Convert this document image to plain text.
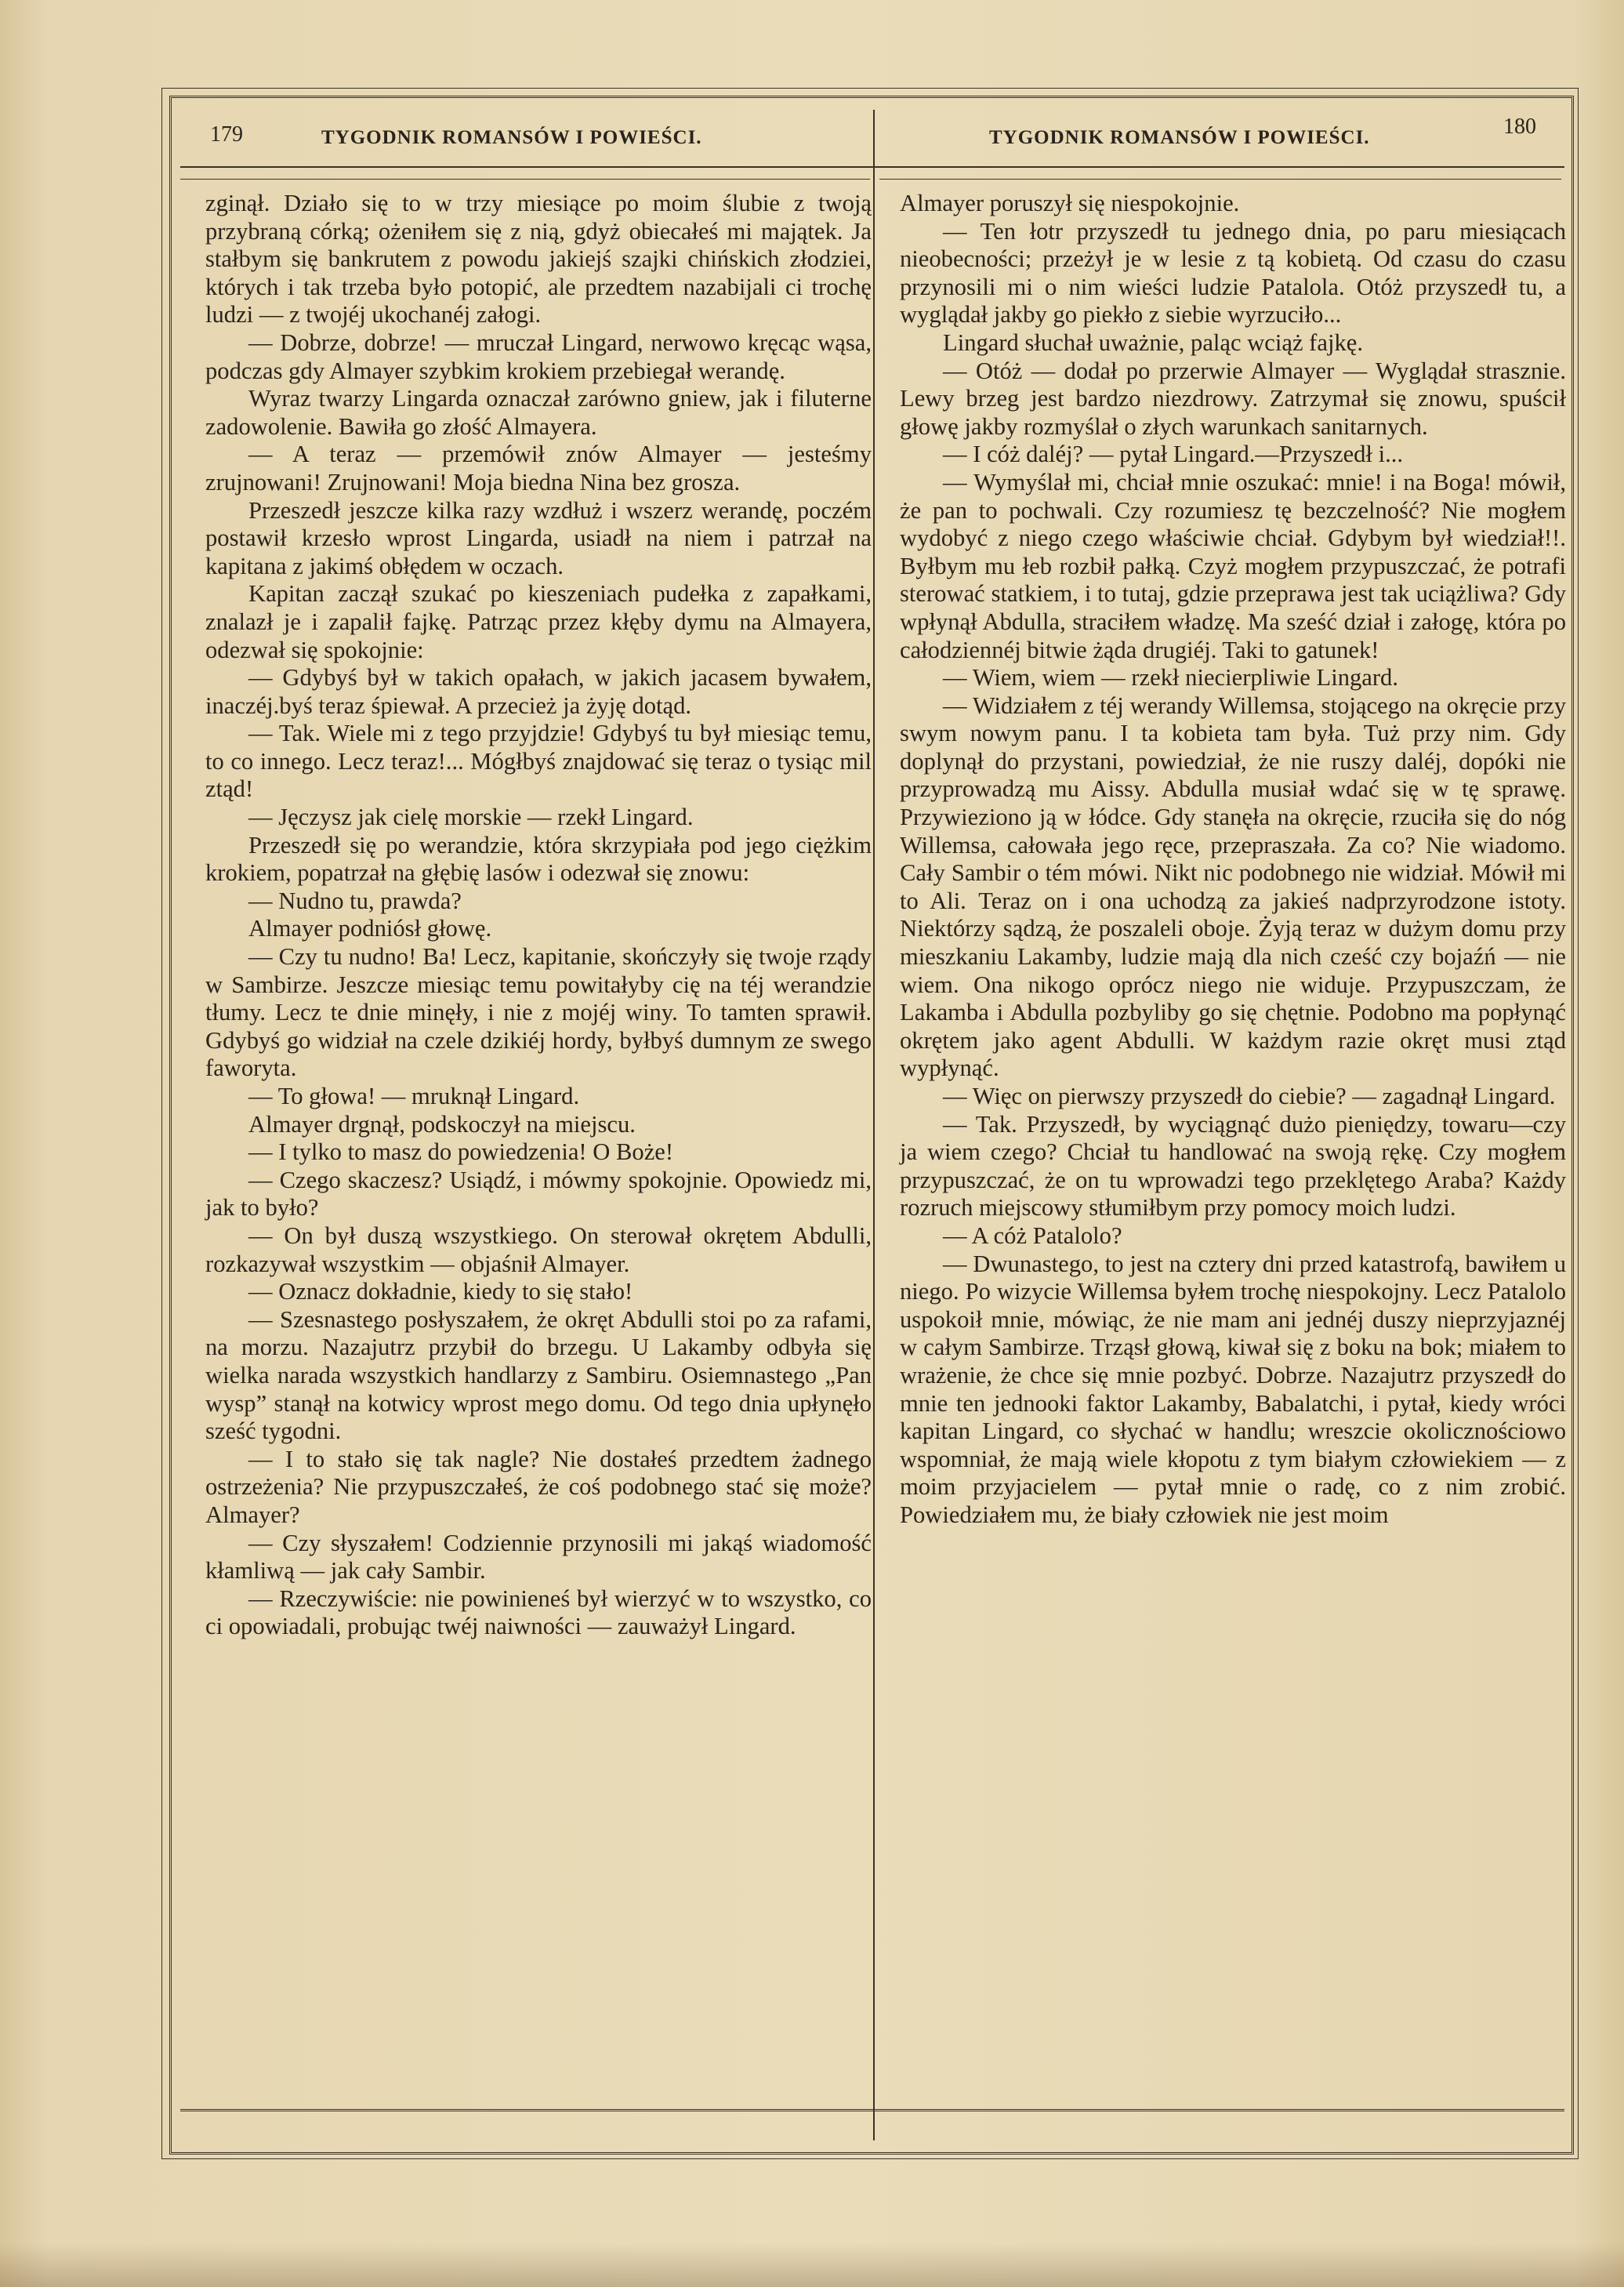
179	TYGODNIK ROMANSÓW I POWIEŚCI.	TYGODNIK ROMANSÓW I POWIEŚCI.	180

zginął. Działo się to w trzy miesiące po moim ślubie z twoją przybraną córką; ożeniłem się z nią, gdyż obiecałeś mi majątek. Ja stałbym się bankrutem z powodu jakiejś szajki chińskich złodziei, których i tak trzeba było potopić, ale przedtem nazabijali ci trochę ludzi — z twojéj ukochanéj załogi.

— Dobrze, dobrze! — mruczał Lingard, nerwowo kręcąc wąsa, podczas gdy Almayer szybkim krokiem przebiegał werandę.

Wyraz twarzy Lingarda oznaczał zarówno gniew, jak i filuterne zadowolenie. Bawiła go złość Almayera.

— A teraz — przemówił znów Almayer — jesteśmy zrujnowani! Zrujnowani! Moja biedna Nina bez grosza.

Przeszedł jeszcze kilka razy wzdłuż i wszerz werandę, poczém postawił krzesło wprost Lingarda, usiadł na niem i patrzał na kapitana z jakimś obłędem w oczach.

Kapitan zaczął szukać po kieszeniach pudełka z zapałkami, znalazł je i zapalił fajkę. Patrząc przez kłęby dymu na Almayera, odezwał się spokojnie:

— Gdybyś był w takich opałach, w jakich jacasem bywałem, inaczéj.byś teraz śpiewał. A przecież ja żyję dotąd.

— Tak. Wiele mi z tego przyjdzie! Gdybyś tu był miesiąc temu, to co innego. Lecz teraz!... Mógłbyś znajdować się teraz o tysiąc mil ztąd!

— Jęczysz jak cielę morskie — rzekł Lingard.

Przeszedł się po werandzie, która skrzypiała pod jego ciężkim krokiem, popatrzał na głębię lasów i odezwał się znowu:

— Nudno tu, prawda?

Almayer podniósł głowę.

— Czy tu nudno! Ba! Lecz, kapitanie, skończyły się twoje rządy w Sambirze. Jeszcze miesiąc temu powitałyby cię na téj werandzie tłumy. Lecz te dnie minęły, i nie z mojéj winy. To tamten sprawił. Gdybyś go widział na czele dzikiéj hordy, byłbyś dumnym ze swego faworyta.

— To głowa! — mruknął Lingard.

Almayer drgnął, podskoczył na miejscu.

— I tylko to masz do powiedzenia! O Boże!

— Czego skaczesz? Usiądź, i mówmy spokojnie. Opowiedz mi, jak to było?

— On był duszą wszystkiego. On sterował okrętem Abdulli, rozkazywał wszystkim — objaśnił Almayer.

— Oznacz dokładnie, kiedy to się stało!

— Szesnastego posłyszałem, że okręt Abdulli stoi po za rafami, na morzu. Nazajutrz przybił do brzegu. U Lakamby odbyła się wielka narada wszystkich handlarzy z Sambiru. Osiemnastego „Pan wysp” stanął na kotwicy wprost mego domu. Od tego dnia upłynęło sześć tygodni.

— I to stało się tak nagle? Nie dostałeś przedtem żadnego ostrzeżenia? Nie przypuszczałeś, że coś podobnego stać się może? Almayer?

— Czy słyszałem! Codziennie przynosili mi jakąś wiadomość kłamliwą — jak cały Sambir.

— Rzeczywiście: nie powinieneś był wierzyć w to wszystko, co ci opowiadali, probując twéj naiwności — zauważył Lingard.

Almayer poruszył się niespokojnie.

— Ten łotr przyszedł tu jednego dnia, po paru miesiącach nieobecności; przeżył je w lesie z tą kobietą. Od czasu do czasu przynosili mi o nim wieści ludzie Patalola. Otóż przyszedł tu, a wyglądał jakby go piekło z siebie wyrzuciło...

Lingard słuchał uważnie, paląc wciąż fajkę.

— Otóż — dodał po przerwie Almayer — Wyglądał strasznie. Lewy brzeg jest bardzo niezdrowy. Zatrzymał się znowu, spuścił głowę jakby rozmyślał o złych warunkach sanitarnych.

— I cóż daléj? — pytał Lingard.—Przyszedł i...

— Wymyślał mi, chciał mnie oszukać: mnie! i na Boga! mówił, że pan to pochwali. Czy rozumiesz tę bezczelność? Nie mogłem wydobyć z niego czego właściwie chciał. Gdybym był wiedział!!. Byłbym mu łeb rozbił pałką. Czyż mogłem przypuszczać, że potrafi sterować statkiem, i to tutaj, gdzie przeprawa jest tak uciążliwa? Gdy wpłynął Abdulla, straciłem władzę. Ma sześć dział i załogę, która po całodziennéj bitwie żąda drugiéj. Taki to gatunek!

— Wiem, wiem — rzekł niecierpliwie Lingard.

— Widziałem z téj werandy Willemsa, stojącego na okręcie przy swym nowym panu. I ta kobieta tam była. Tuż przy nim. Gdy doplynął do przystani, powiedział, że nie ruszy daléj, dopóki nie przyprowadzą mu Aissy. Abdulla musiał wdać się w tę sprawę. Przywieziono ją w łódce. Gdy stanęła na okręcie, rzuciła się do nóg Willemsa, całowała jego ręce, przepraszała. Za co? Nie wiadomo. Cały Sambir o tém mówi. Nikt nic podobnego nie widział. Mówił mi to Ali. Teraz on i ona uchodzą za jakieś nadprzyrodzone istoty. Niektórzy sądzą, że poszaleli oboje. Żyją teraz w dużym domu przy mieszkaniu Lakamby, ludzie mają dla nich cześć czy bojaźń — nie wiem. Ona nikogo oprócz niego nie widuje. Przypuszczam, że Lakamba i Abdulla pozbyliby go się chętnie. Podobno ma popłynąć okrętem jako agent Abdulli. W każdym razie okręt musi ztąd wypłynąć.

— Więc on pierwszy przyszedł do ciebie? — zagadnął Lingard.

— Tak. Przyszedł, by wyciągnąć dużo pieniędzy, towaru—czy ja wiem czego? Chciał tu handlować na swoją rękę. Czy mogłem przypuszczać, że on tu wprowadzi tego przeklętego Araba? Każdy rozruch miejscowy stłumiłbym przy pomocy moich ludzi.

— A cóż Patalolo?

— Dwunastego, to jest na cztery dni przed katastrofą, bawiłem u niego. Po wizycie Willemsa byłem trochę niespokojny. Lecz Patalolo uspokoił mnie, mówiąc, że nie mam ani jednéj duszy nieprzyjaznéj w całym Sambirze. Trząsł głową, kiwał się z boku na bok; miałem to wrażenie, że chce się mnie pozbyć. Dobrze. Nazajutrz przyszedł do mnie ten jednooki faktor Lakamby, Babalatchi, i pytał, kiedy wróci kapitan Lingard, co słychać w handlu; wreszcie okolicznościowo wspomniał, że mają wiele kłopotu z tym białym człowiekiem — z moim przyjacielem — pytał mnie o radę, co z nim zrobić. Powiedziałem mu, że biały człowiek nie jest moim
